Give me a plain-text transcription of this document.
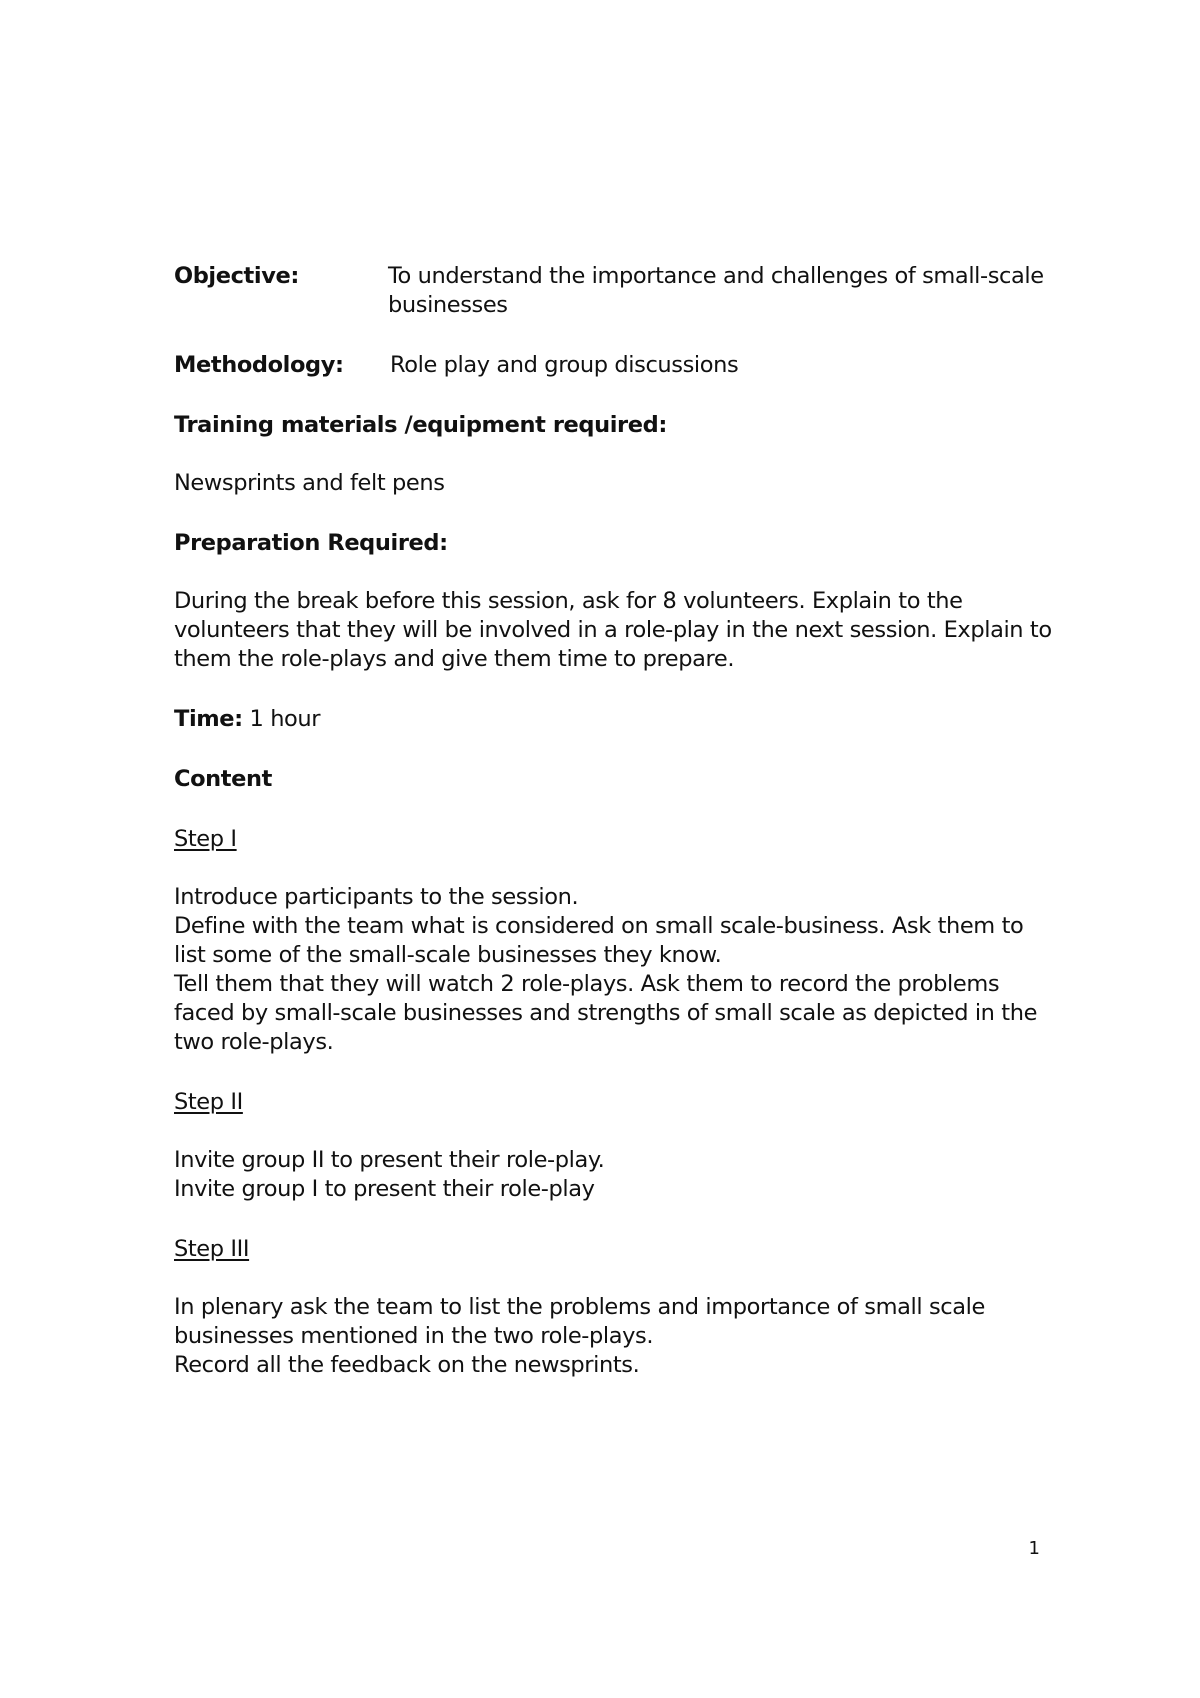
Objective:	To understand the importance and challenges of small-scale businesses
Methodology:	Role play and group discussions

Training materials /equipment required:

Newsprints and felt pens

Preparation Required:

During the break before this session, ask for 8 volunteers. Explain to the volunteers that they will be involved in a role-play in the next session. Explain to them the role-plays and give them time to prepare.

Time: 1 hour

Content

Step I

Introduce participants to the session.
Define with the team what is considered on small scale-business. Ask them to list some of the small-scale businesses they know.
Tell them that they will watch 2 role-plays. Ask them to record the problems faced by small-scale businesses and strengths of small scale as depicted in the two role-plays.

Step II

Invite group II to present their role-play.
Invite group I to present their role-play

Step III

In plenary ask the team to list the problems and importance of small scale businesses mentioned in the two role-plays.
Record all the feedback on the newsprints.
1
